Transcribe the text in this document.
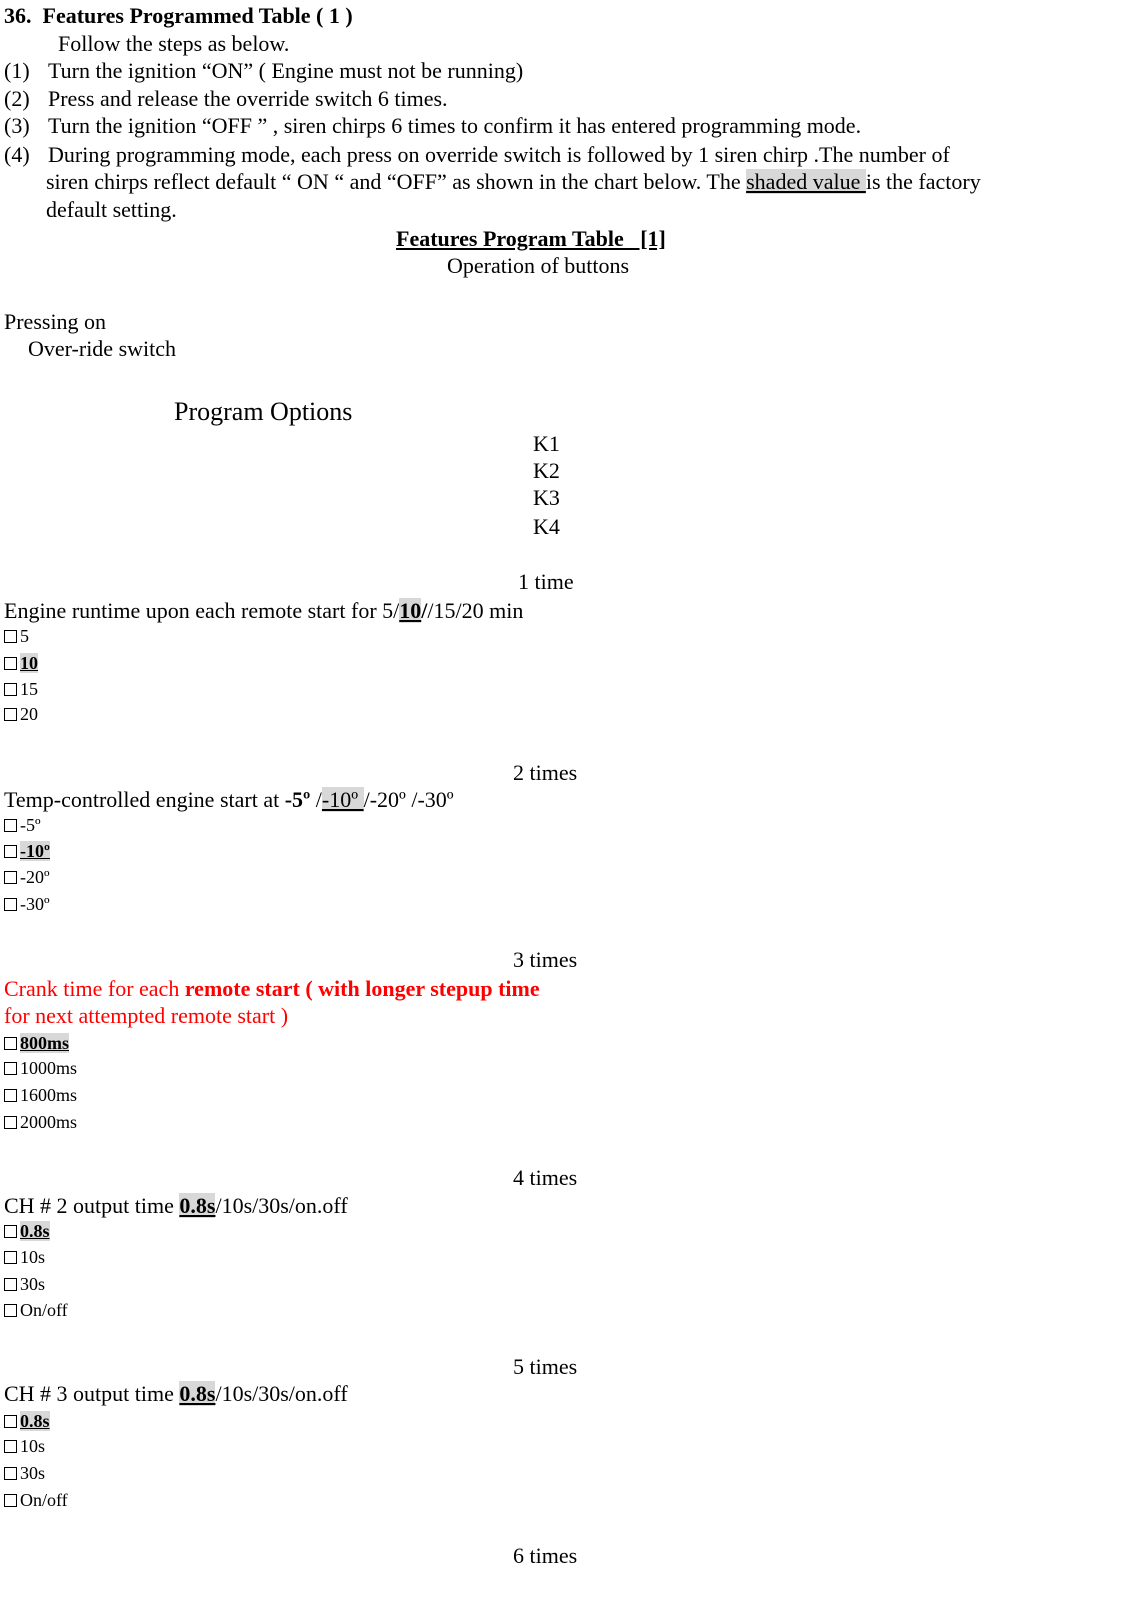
36. Features Programmed Table ( 1 )
Follow the steps as below.
(1) Turn the ignition “ON” ( Engine must not be running)
(2) Press and release the override switch 6 times.
(3) Turn the ignition “OFF ” , siren chirps 6 times to confirm it has entered programming mode.
(4) During programming mode, each press on override switch is followed by 1 siren chirp .The number of
siren chirps reflect default “ ON “ and “OFF” as shown in the chart below. The shaded value is the factory
default setting.
Features Program Table   [1]
Operation of buttons
Pressing on
Over-ride switch
Program Options
K1
K2
K3
K4
1 time
Engine runtime upon each remote start for 5/10//15/20 min
5
10
15
20
2 times
Temp-controlled engine start at -5º /-10º /-20º /-30º
-5º
-10º
-20º
-30º
3 times
Crank time for each remote start ( with longer stepup time
for next attempted remote start )
800ms
1000ms
1600ms
2000ms
4 times
CH # 2 output time 0.8s/10s/30s/on.off
0.8s
10s
30s
On/off
5 times
CH # 3 output time 0.8s/10s/30s/on.off
0.8s
10s
30s
On/off
6 times
